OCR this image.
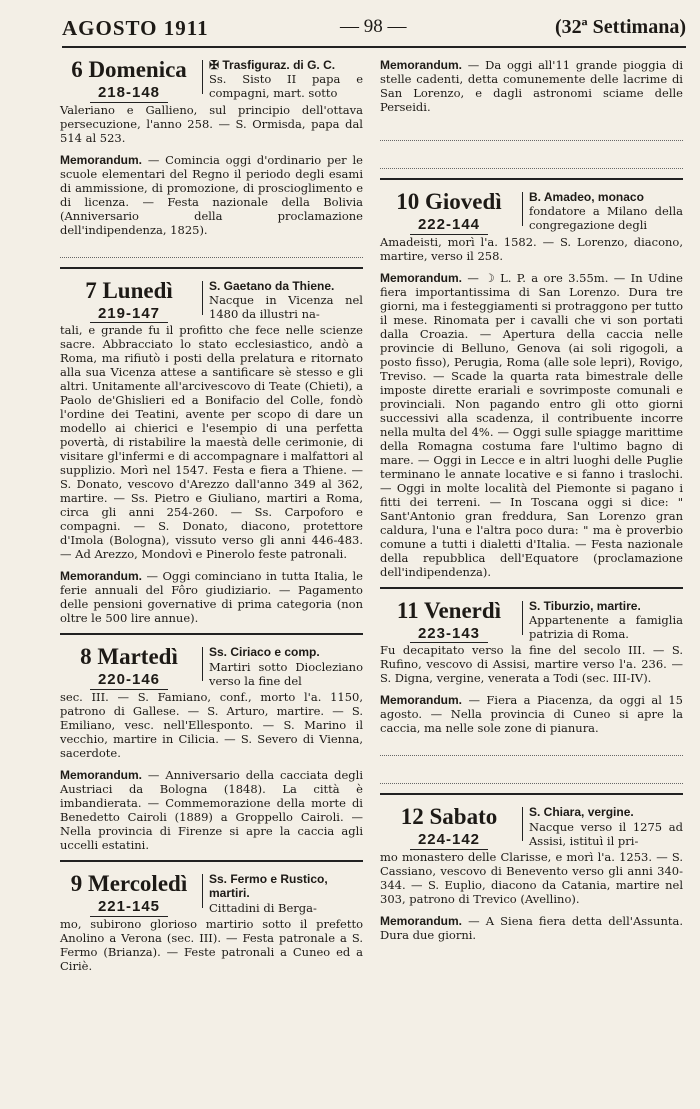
AGOSTO 1911	— 98 —	(32ª Settimana)
6 Domenica
218-148
✠ Trasfiguraz. di G. C.
Ss. Sisto II papa e compagni, mart. sotto
Valeriano e Gallieno, sul principio dell'ottava persecuzione, l'anno 258. — S. Ormisda, papa dal 514 al 523.
Memorandum. — Comincia oggi d'ordinario per le scuole elementari del Regno il periodo degli esami di ammissione, di promozione, di proscioglimento e di licenza. — Festa nazionale della Bolivia (Anniversario della proclamazione dell'indipendenza, 1825).
7 Lunedì
219-147
S. Gaetano da Thiene.
Nacque in Vicenza nel 1480 da illustri na-
tali, e grande fu il profitto che fece nelle scienze sacre. Abbracciato lo stato ecclesiastico, andò a Roma, ma rifiutò i posti della prelatura e ritornato alla sua Vicenza attese a santificare sè stesso e gli altri. Unitamente all'arcivescovo di Teate (Chieti), a Paolo de'Ghislieri ed a Bonifacio del Colle, fondò l'ordine dei Teatini, avente per scopo di dare un modello ai chierici e l'esempio di una perfetta povertà, di ristabilire la maestà delle cerimonie, di visitare gl'infermi e di accompagnare i malfattori al supplizio. Morì nel 1547. Festa e fiera a Thiene. — S. Donato, vescovo d'Arezzo dall'anno 349 al 362, martire. — Ss. Pietro e Giuliano, martiri a Roma, circa gli anni 254-260. — Ss. Carpoforo e compagni. — S. Donato, diacono, protettore d'Imola (Bologna), vissuto verso gli anni 446-483. — Ad Arezzo, Mondovì e Pinerolo feste patronali.
Memorandum. — Oggi cominciano in tutta Italia, le ferie annuali del Fôro giudiziario. — Pagamento delle pensioni governative di prima categoria (non oltre le 500 lire annue).
8 Martedì
220-146
Ss. Ciriaco e comp.
Martiri sotto Diocleziano verso la fine del
sec. III. — S. Famiano, conf., morto l'a. 1150, patrono di Gallese. — S. Arturo, martire. — S. Emiliano, vesc. nell'Ellesponto. — S. Marino il vecchio, martire in Cilicia. — S. Severo di Vienna, sacerdote.
Memorandum. — Anniversario della cacciata degli Austriaci da Bologna (1848). La città è imbandierata. — Commemorazione della morte di Benedetto Cairoli (1889) a Groppello Cairoli. — Nella provincia di Firenze si apre la caccia agli uccelli estatini.
9 Mercoledì
221-145
Ss. Fermo e Rustico, martiri.
Cittadini di Berga-
mo, subirono glorioso martirio sotto il prefetto Anolino a Verona (sec. III). — Festa patronale a S. Fermo (Brianza). — Feste patronali a Cuneo ed a Ciriè.
Memorandum. — Da oggi all'11 grande pioggia di stelle cadenti, detta comunemente delle lacrime di San Lorenzo, e dagli astronomi sciame delle Perseidi.
10 Giovedì
222-144
B. Amadeo, monaco
fondatore a Milano della congregazione degli
Amadeisti, morì l'a. 1582. — S. Lorenzo, diacono, martire, verso il 258.
Memorandum. — ☽ L. P. a ore 3.55m. — In Udine fiera importantissima di San Lorenzo. Dura tre giorni, ma i festeggiamenti si protraggono per tutto il mese. Rinomata per i cavalli che vi son portati dalla Croazia. — Apertura della caccia nelle provincie di Belluno, Genova (ai soli rigogoli, a posto fisso), Perugia, Roma (alle sole lepri), Rovigo, Treviso. — Scade la quarta rata bimestrale delle imposte dirette erariali e sovrimposte comunali e provinciali. Non pagando entro gli otto giorni successivi alla scadenza, il contribuente incorre nella multa del 4%. — Oggi sulle spiagge marittime della Romagna costuma fare l'ultimo bagno di mare. — Oggi in Lecce e in altri luoghi delle Puglie terminano le annate locative e si fanno i traslochi. — Oggi in molte località del Piemonte si pagano i fitti dei terreni. — In Toscana oggi si dice: " Sant'Antonio gran freddura, San Lorenzo gran caldura, l'una e l'altra poco dura: " ma è proverbio comune a tutti i dialetti d'Italia. — Festa nazionale della repubblica dell'Equatore (proclamazione dell'indipendenza).
11 Venerdì
223-143
S. Tiburzio, martire.
Appartenente a famiglia patrizia di Roma.
Fu decapitato verso la fine del secolo III. — S. Rufino, vescovo di Assisi, martire verso l'a. 236. — S. Digna, vergine, venerata a Todi (sec. III-IV).
Memorandum. — Fiera a Piacenza, da oggi al 15 agosto. — Nella provincia di Cuneo si apre la caccia, ma nelle sole zone di pianura.
12 Sabato
224-142
S. Chiara, vergine.
Nacque verso il 1275 ad Assisi, istituì il pri-
mo monastero delle Clarisse, e morì l'a. 1253. — S. Cassiano, vescovo di Benevento verso gli anni 340-344. — S. Euplio, diacono da Catania, martire nel 303, patrono di Trevico (Avellino).
Memorandum. — A Siena fiera detta dell'Assunta. Dura due giorni.
